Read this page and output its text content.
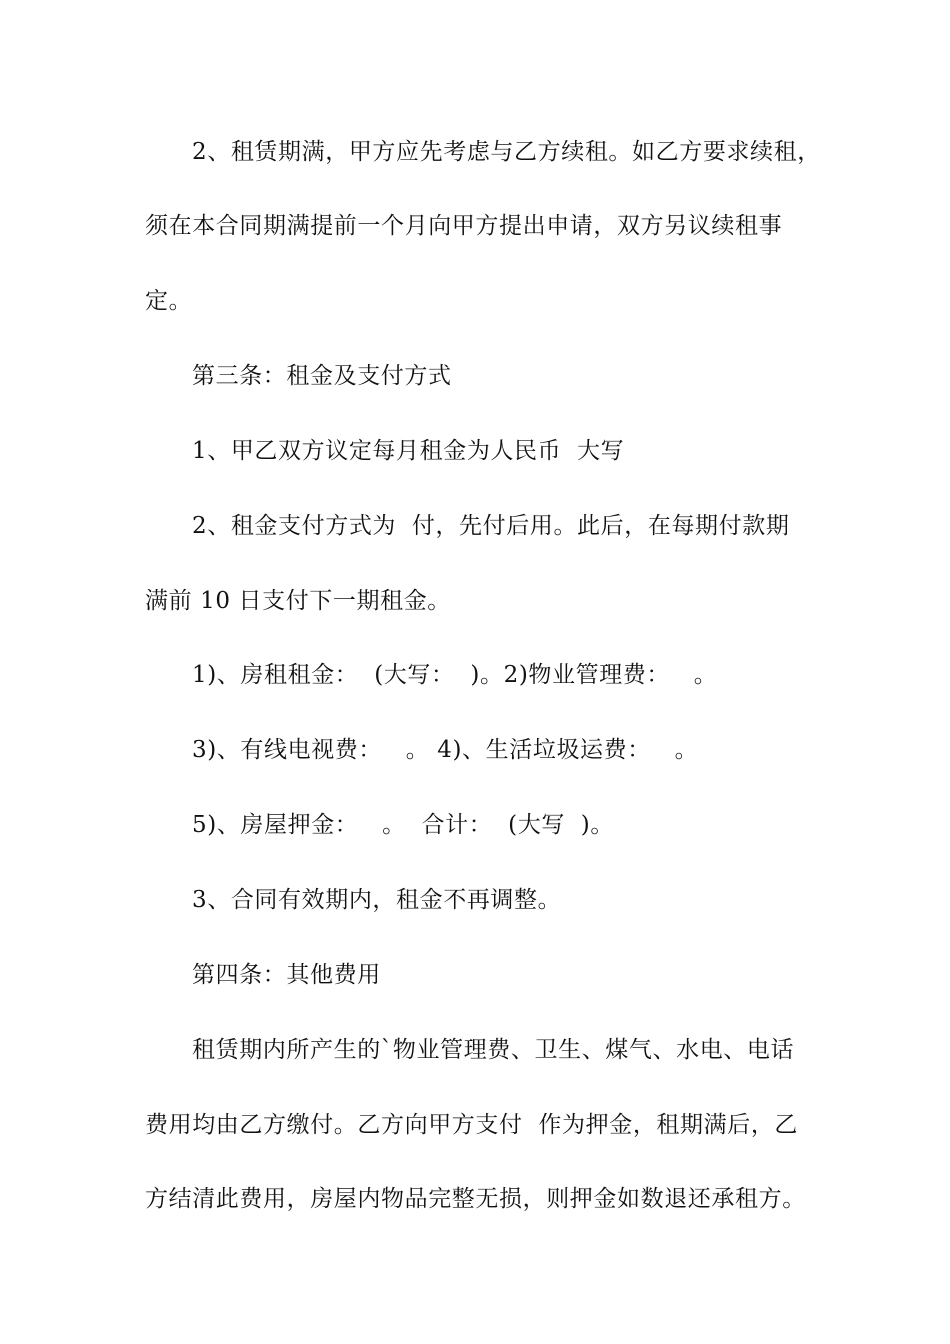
2、租赁期满，甲方应先考虑与乙方续租。如乙方要求续租，
须在本合同期满提前一个月向甲方提出申请，双方另议续租事
定。
第三条：租金及支付方式
1、甲乙双方议定每月租金为人民币  大写
2、租金支付方式为  付，先付后用。此后，在每期付款期
满前 10 日支付下一期租金。
1)、房租租金：  (大写：  )。2)物业管理费：   。
3)、有线电视费：   。 4)、生活垃圾运费：   。
5)、房屋押金：   。  合计：  (大写  )。
3、合同有效期内，租金不再调整。
第四条：其他费用
租赁期内所产生的`物业管理费、卫生、煤气、水电、电话
费用均由乙方缴付。乙方向甲方支付  作为押金，租期满后，乙
方结清此费用，房屋内物品完整无损，则押金如数退还承租方。
